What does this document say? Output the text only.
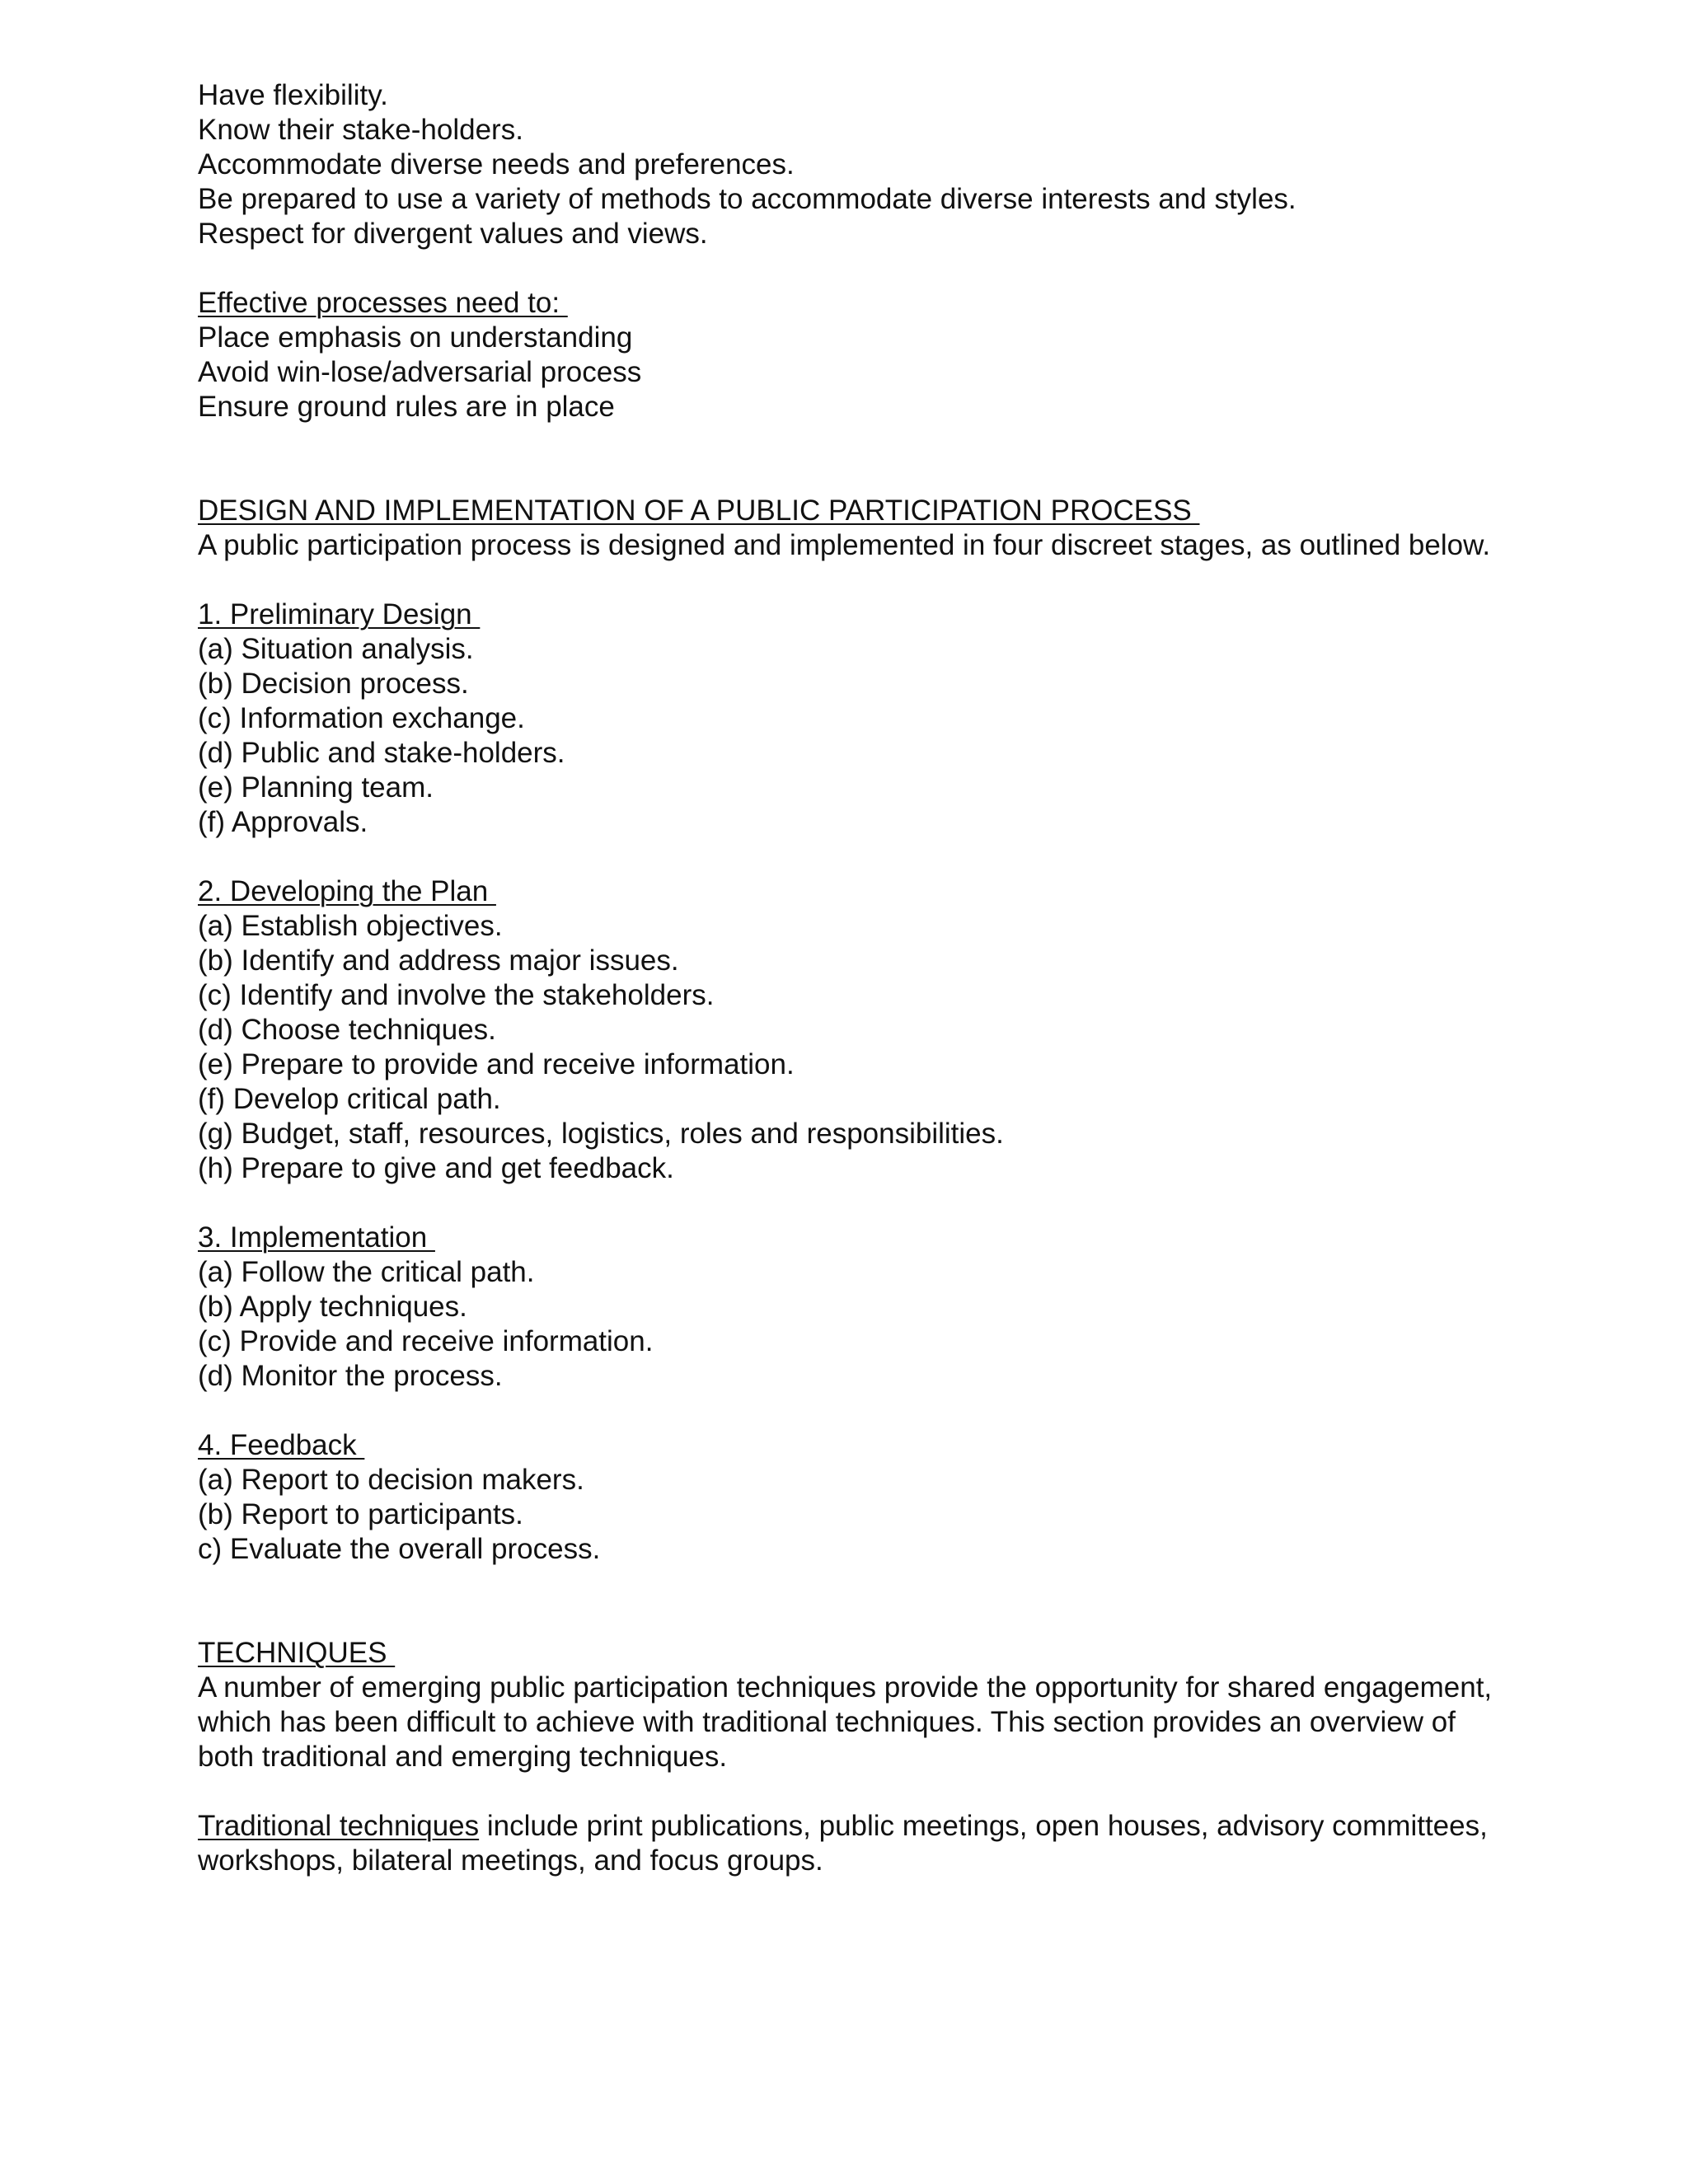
Have flexibility.
Know their stake-holders.
Accommodate diverse needs and preferences.
Be prepared to use a variety of methods to accommodate diverse interests and styles.
Respect for divergent values and views.
Effective processes need to:
Place emphasis on understanding
Avoid win-lose/adversarial process
Ensure ground rules are in place
DESIGN AND IMPLEMENTATION OF A PUBLIC PARTICIPATION PROCESS
A public participation process is designed and implemented in four discreet stages, as outlined below.
1. Preliminary Design
(a) Situation analysis.
(b) Decision process.
(c) Information exchange.
(d) Public and stake-holders.
(e) Planning team.
(f) Approvals.
2. Developing the Plan
(a) Establish objectives.
(b) Identify and address major issues.
(c) Identify and involve the stakeholders.
(d) Choose techniques.
(e) Prepare to provide and receive information.
(f) Develop critical path.
(g) Budget, staff, resources, logistics, roles and responsibilities.
(h) Prepare to give and get feedback.
3. Implementation
(a) Follow the critical path.
(b) Apply techniques.
(c) Provide and receive information.
(d) Monitor the process.
4. Feedback
(a) Report to decision makers.
(b) Report to participants.
c) Evaluate the overall process.
TECHNIQUES
A number of emerging public participation techniques provide the opportunity for shared engagement, which has been difficult to achieve with traditional techniques. This section provides an overview of both traditional and emerging techniques.

Traditional techniques include print publications, public meetings, open houses, advisory committees, workshops, bilateral meetings, and focus groups.
